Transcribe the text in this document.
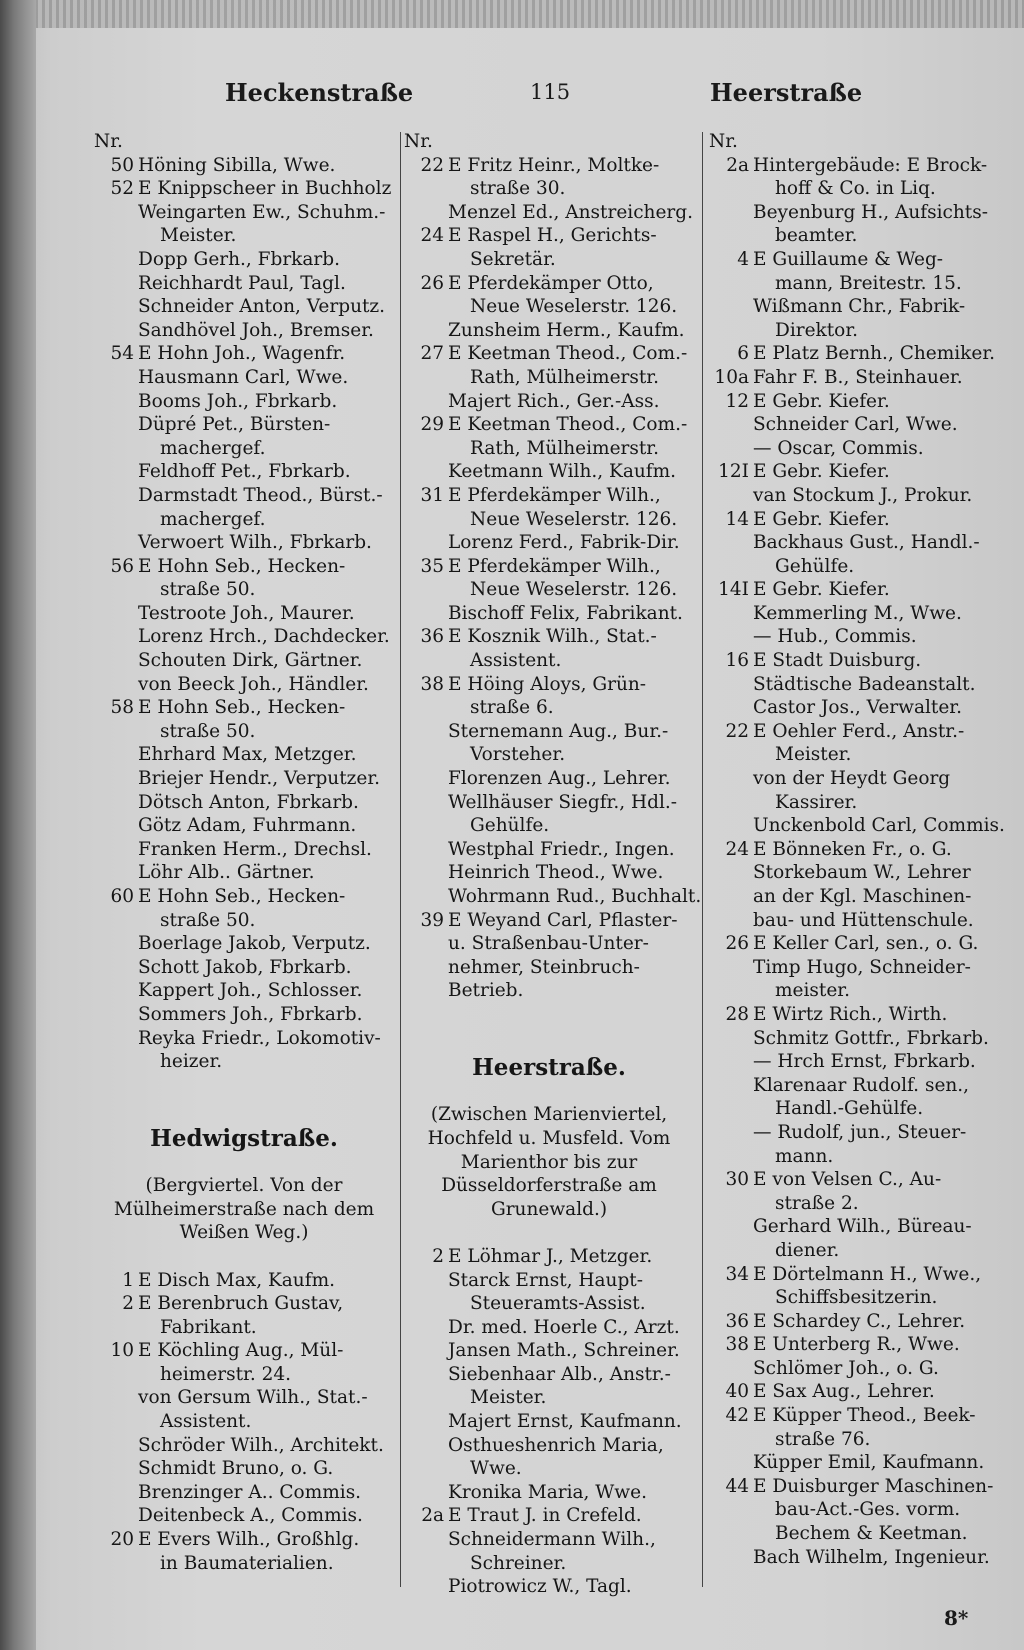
Heckenstraße	115	Heerstraße
Nr.
50 Höning Sibilla, Wwe.
52 E Knippscheer in Buchholz
Weingarten Ew., Schuhm.-
Meister.
Dopp Gerh., Fbrkarb.
Reichhardt Paul, Tagl.
Schneider Anton, Verputz.
Sandhövel Joh., Bremser.
54 E Hohn Joh., Wagenfr.
Hausmann Carl, Wwe.
Booms Joh., Fbrkarb.
Düpré Pet., Bürsten-
machergef.
Feldhoff Pet., Fbrkarb.
Darmstadt Theod., Bürst.-
machergef.
Verwoert Wilh., Fbrkarb.
56 E Hohn Seb., Hecken-
straße 50.
Testroote Joh., Maurer.
Lorenz Hrch., Dachdecker.
Schouten Dirk, Gärtner.
von Beeck Joh., Händler.
58 E Hohn Seb., Hecken-
straße 50.
Ehrhard Max, Metzger.
Briejer Hendr., Verputzer.
Dötsch Anton, Fbrkarb.
Götz Adam, Fuhrmann.
Franken Herm., Drechsl.
Löhr Alb.. Gärtner.
60 E Hohn Seb., Hecken-
straße 50.
Boerlage Jakob, Verputz.
Schott Jakob, Fbrkarb.
Kappert Joh., Schlosser.
Sommers Joh., Fbrkarb.
Reyka Friedr., Lokomotiv-
heizer.
Hedwigstraße.
(Bergviertel. Von der Mülheimerstraße nach dem Weißen Weg.)
1 E Disch Max, Kaufm.
2 E Berenbruch Gustav,
Fabrikant.
10 E Köchling Aug., Mül-
heimerstr. 24.
von Gersum Wilh., Stat.-
Assistent.
Schröder Wilh., Architekt.
Schmidt Bruno, o. G.
Brenzinger A.. Commis.
Deitenbeck A., Commis.
20 E Evers Wilh., Großhlg.
in Baumaterialien.
Nr.
22 E Fritz Heinr., Moltke-
straße 30.
Menzel Ed., Anstreicherg.
24 E Raspel H., Gerichts-
Sekretär.
26 E Pferdekämper Otto,
Neue Weselerstr. 126.
Zunsheim Herm., Kaufm.
27 E Keetman Theod., Com.-
Rath, Mülheimerstr.
Majert Rich., Ger.-Ass.
29 E Keetman Theod., Com.-
Rath, Mülheimerstr.
Keetmann Wilh., Kaufm.
31 E Pferdekämper Wilh.,
Neue Weselerstr. 126.
Lorenz Ferd., Fabrik-Dir.
35 E Pferdekämper Wilh.,
Neue Weselerstr. 126.
Bischoff Felix, Fabrikant.
36 E Kosznik Wilh., Stat.-
Assistent.
38 E Höing Aloys, Grün-
straße 6.
Sternemann Aug., Bur.-
Vorsteher.
Florenzen Aug., Lehrer.
Wellhäuser Siegfr., Hdl.-
Gehülfe.
Westphal Friedr., Ingen.
Heinrich Theod., Wwe.
Wohrmann Rud., Buchhalt.
39 E Weyand Carl, Pflaster-
u. Straßenbau-Unter-
nehmer, Steinbruch-
Betrieb.
Heerstraße.
(Zwischen Marienviertel, Hochfeld u. Musfeld. Vom Marienthor bis zur Düsseldorferstraße am Grunewald.)
2 E Löhmar J., Metzger.
Starck Ernst, Haupt-
Steueramts-Assist.
Dr. med. Hoerle C., Arzt.
Jansen Math., Schreiner.
Siebenhaar Alb., Anstr.-
Meister.
Majert Ernst, Kaufmann.
Osthueshenrich Maria,
Wwe.
Kronika Maria, Wwe.
2a E Traut J. in Crefeld.
Schneidermann Wilh.,
Schreiner.
Piotrowicz W., Tagl.
Nr.
2a Hintergebäude: E Brock-
hoff & Co. in Liq.
Beyenburg H., Aufsichts-
beamter.
4 E Guillaume & Weg-
mann, Breitestr. 15.
Wißmann Chr., Fabrik-
Direktor.
6 E Platz Bernh., Chemiker.
10a Fahr F. B., Steinhauer.
12 E Gebr. Kiefer.
Schneider Carl, Wwe.
— Oscar, Commis.
12I E Gebr. Kiefer.
van Stockum J., Prokur.
14 E Gebr. Kiefer.
Backhaus Gust., Handl.-
Gehülfe.
14I E Gebr. Kiefer.
Kemmerling M., Wwe.
— Hub., Commis.
16 E Stadt Duisburg.
Städtische Badeanstalt.
Castor Jos., Verwalter.
22 E Oehler Ferd., Anstr.-
Meister.
von der Heydt Georg
Kassirer.
Unckenbold Carl, Commis.
24 E Bönneken Fr., o. G.
Storkebaum W., Lehrer
an der Kgl. Maschinen-
bau- und Hüttenschule.
26 E Keller Carl, sen., o. G.
Timp Hugo, Schneider-
meister.
28 E Wirtz Rich., Wirth.
Schmitz Gottfr., Fbrkarb.
— Hrch Ernst, Fbrkarb.
Klarenaar Rudolf. sen.,
Handl.-Gehülfe.
— Rudolf, jun., Steuer-
mann.
30 E von Velsen C., Au-
straße 2.
Gerhard Wilh., Büreau-
diener.
34 E Dörtelmann H., Wwe.,
Schiffsbesitzerin.
36 E Schardey C., Lehrer.
38 E Unterberg R., Wwe.
Schlömer Joh., o. G.
40 E Sax Aug., Lehrer.
42 E Küpper Theod., Beek-
straße 76.
Küpper Emil, Kaufmann.
44 E Duisburger Maschinen-
bau-Act.-Ges. vorm.
Bechem & Keetman.
Bach Wilhelm, Ingenieur.
8*
